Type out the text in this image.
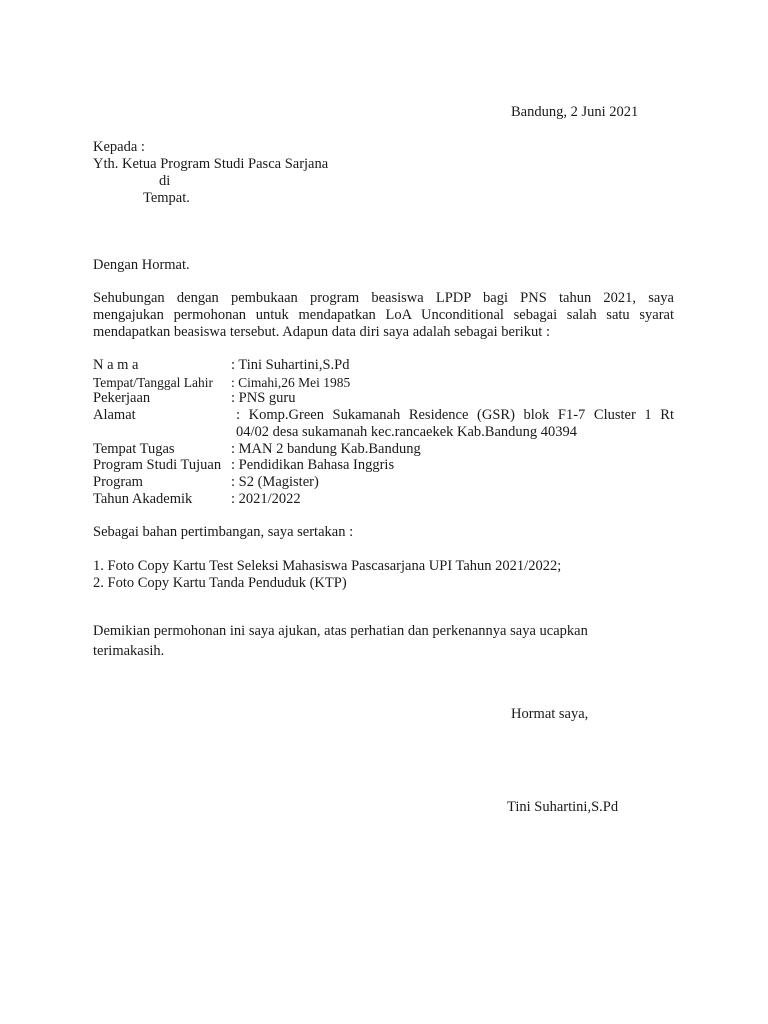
Bandung, 2 Juni 2021
Kepada :
Yth. Ketua Program Studi Pasca Sarjana
di
Tempat.
Dengan Hormat.
Sehubungan dengan pembukaan program beasiswa LPDP bagi PNS tahun 2021, saya
mengajukan permohonan untuk mendapatkan LoA Unconditional sebagai salah satu syarat
mendapatkan beasiswa tersebut. Adapun data diri saya adalah sebagai berikut :
N a m a	: Tini Suhartini,S.Pd
Tempat/Tanggal Lahir : Cimahi,26 Mei 1985
Pekerjaan	: PNS guru
Alamat	: Komp.Green Sukamanah Residence (GSR) blok F1-7 Cluster 1 Rt
04/02 desa sukamanah kec.rancaekek Kab.Bandung 40394
Tempat Tugas	: MAN 2 bandung Kab.Bandung
Program Studi Tujuan : Pendidikan Bahasa Inggris
Program	: S2 (Magister)
Tahun Akademik	: 2021/2022
Sebagai bahan pertimbangan, saya sertakan :
1. Foto Copy Kartu Test Seleksi Mahasiswa Pascasarjana UPI Tahun 2021/2022;
2. Foto Copy Kartu Tanda Penduduk (KTP)
Demikian permohonan ini saya ajukan, atas perhatian dan perkenannya saya ucapkan
terimakasih.
Hormat saya,
Tini Suhartini,S.Pd
